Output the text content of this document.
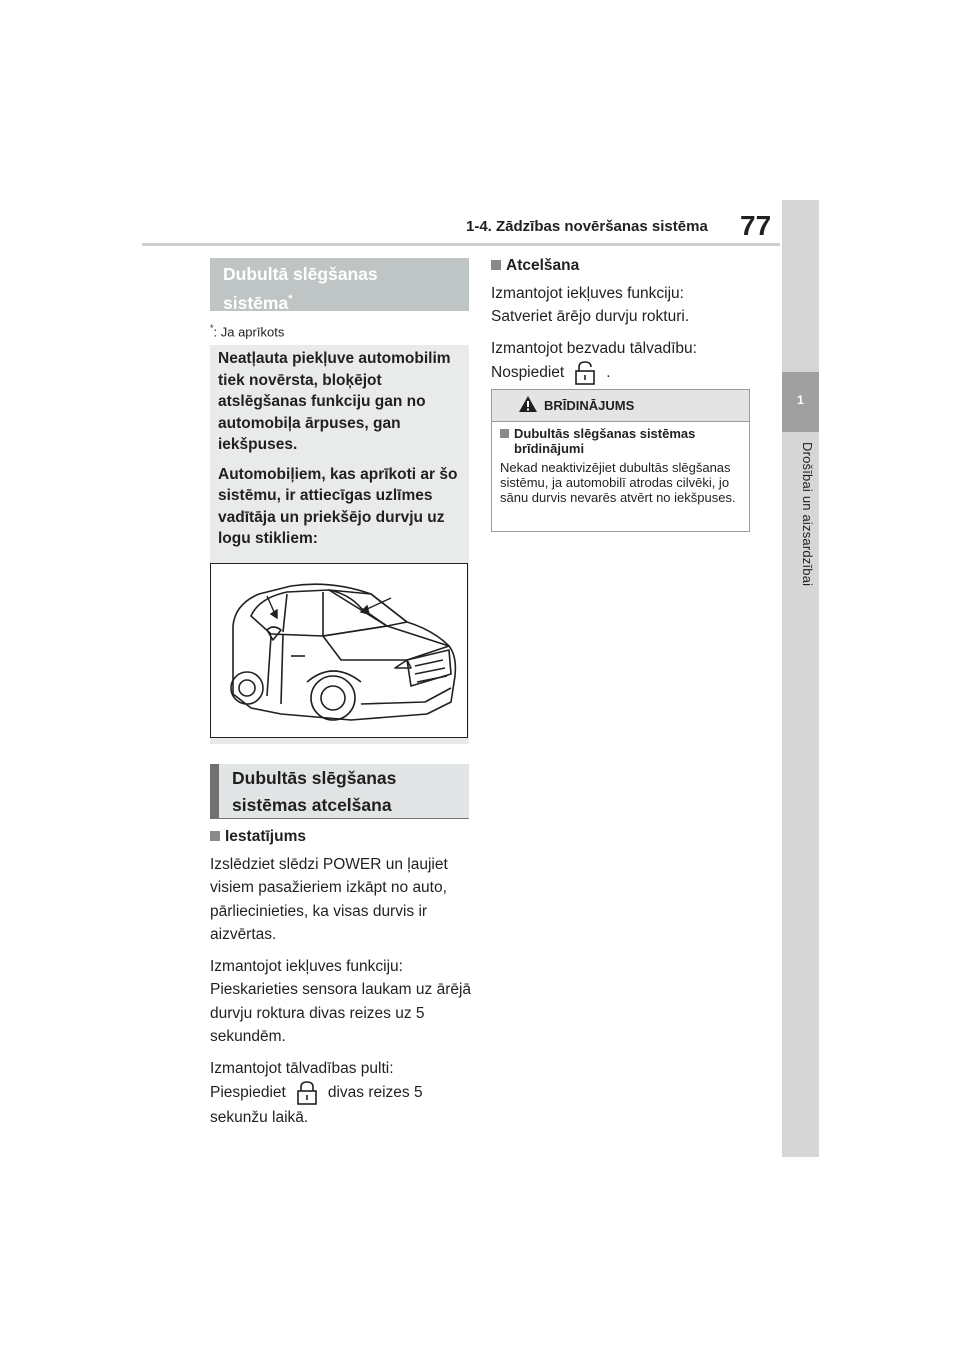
1-4. Zādzības novēršanas sistēma 77
1
Drošībai un aizsardzībai
Dubultā slēgšanas
sistēma*
*: Ja aprīkots

Neatļauta piekļuve automobilim tiek novērsta, bloķējot atslēgšanas funkciju gan no automobiļa ārpuses, gan iekšpuses.

Automobiļiem, kas aprīkoti ar šo sistēmu, ir attiecīgas uzlīmes vadītāja un priekšējo durvju uz logu stikliem:

Dubultās slēgšanas
sistēmas atcelšana
Iestatījums

Izslēdziet slēdzi POWER un ļaujiet visiem pasažieriem izkāpt no auto, pārliecinieties, ka visas durvis ir aizvērtas.

Izmantojot iekļuves funkciju:
Pieskarieties sensora laukam uz ārējā durvju roktura divas reizes uz 5 sekundēm.

Izmantojot tālvadības pulti:
Piespiediet	divas reizes 5
sekunžu laikā.

Atcelšana

Izmantojot iekļuves funkciju:
Satveriet ārējo durvju rokturi.

Izmantojot bezvadu tālvadību:
Nospiediet	.

BRĪDINĀJUMS
Dubultās slēgšanas sistēmas brīdinājumi
Nekad neaktivizējiet dubultās slēgšanas sistēmu, ja automobilī atrodas cilvēki, jo sānu durvis nevarēs atvērt no iekšpuses.
